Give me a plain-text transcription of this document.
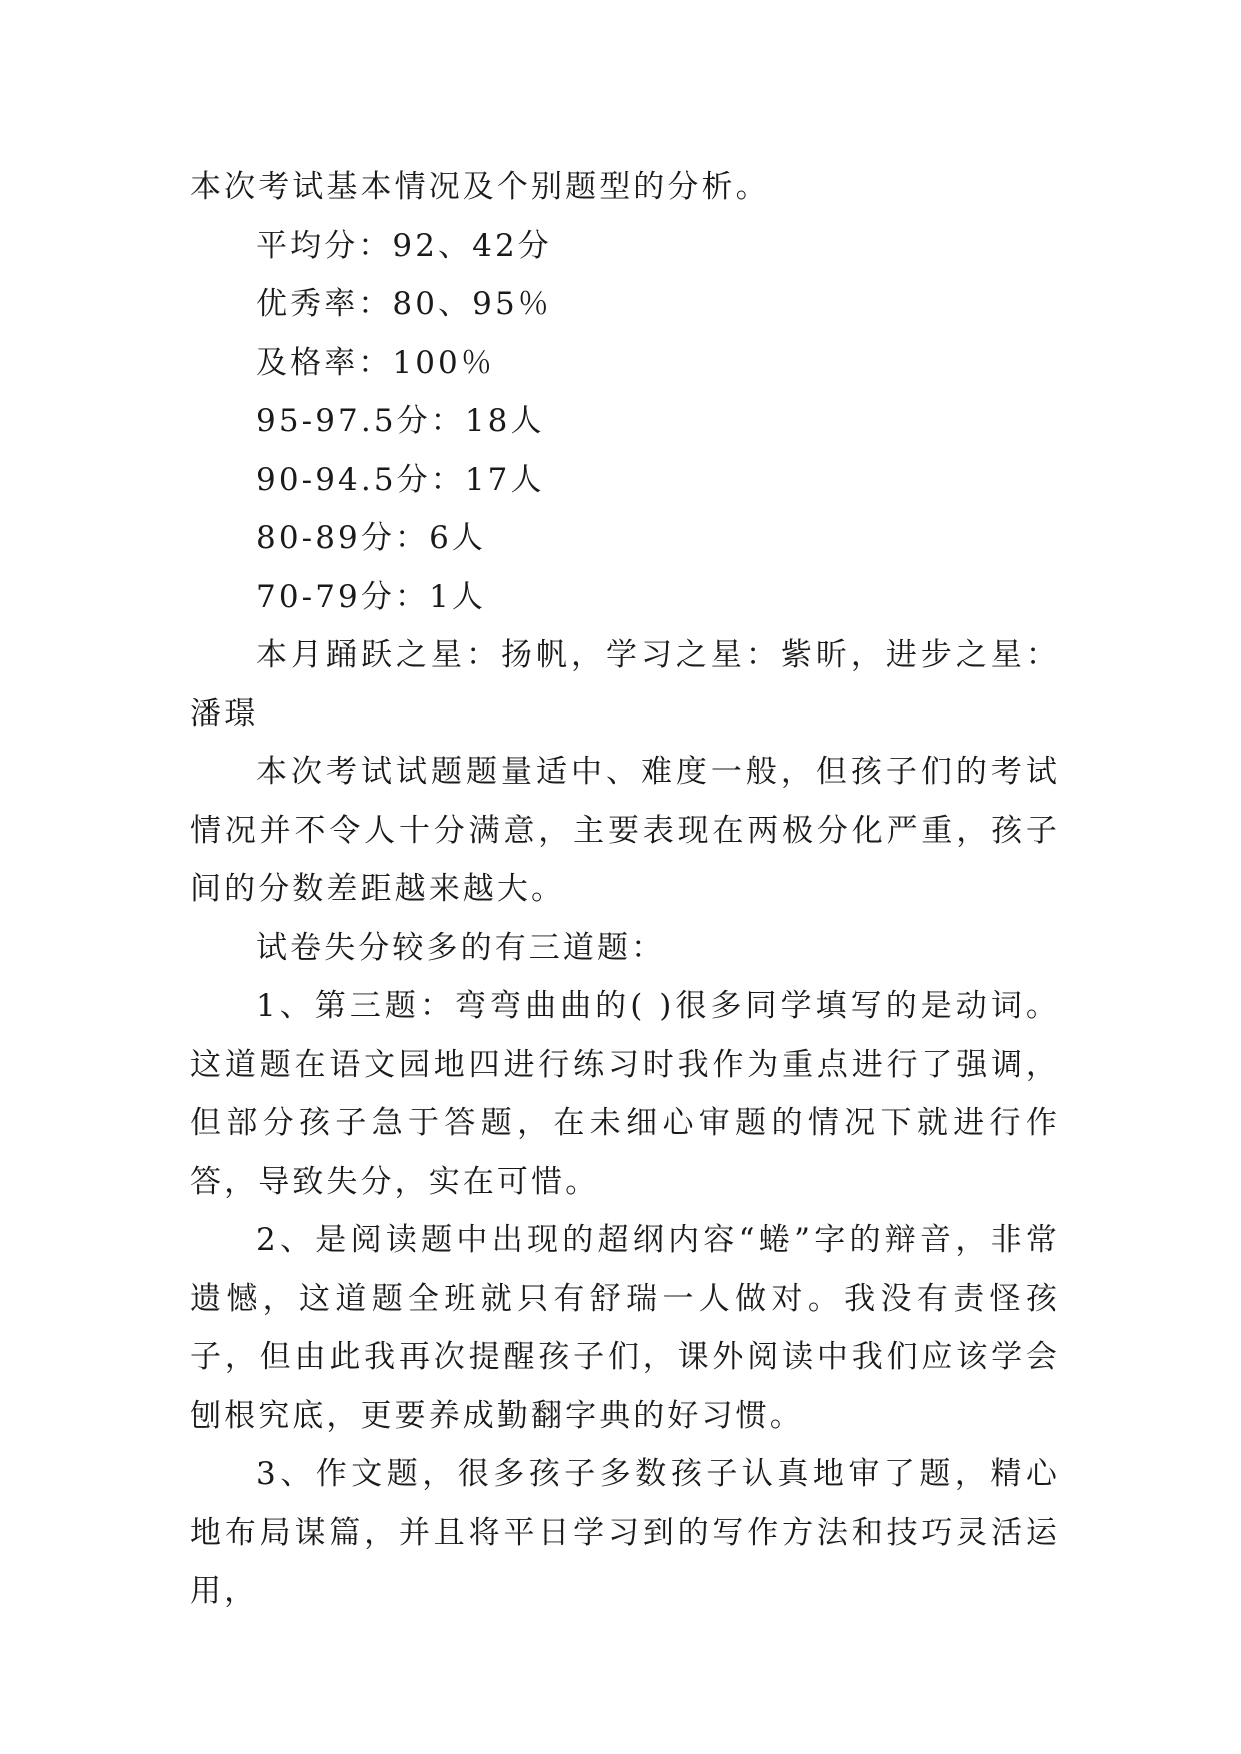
本次考试基本情况及个别题型的分析。

平均分：92、42分

优秀率：80、95％

及格率：100％

95-97.5分：18人

90-94.5分：17人

80-89分：6人

70-79分：1人

本月踊跃之星：扬帆，学习之星：紫昕，进步之星：潘璟

本次考试试题题量适中、难度一般，但孩子们的考试情况并不令人十分满意，主要表现在两极分化严重，孩子间的分数差距越来越大。

试卷失分较多的有三道题：

1、第三题：弯弯曲曲的( )很多同学填写的是动词。这道题在语文园地四进行练习时我作为重点进行了强调，但部分孩子急于答题，在未细心审题的情况下就进行作答，导致失分，实在可惜。

2、是阅读题中出现的超纲内容“蜷”字的辩音，非常遗憾，这道题全班就只有舒瑞一人做对。我没有责怪孩子，但由此我再次提醒孩子们，课外阅读中我们应该学会刨根究底，更要养成勤翻字典的好习惯。

3、作文题，很多孩子多数孩子认真地审了题，精心地布局谋篇，并且将平日学习到的写作方法和技巧灵活运用，
